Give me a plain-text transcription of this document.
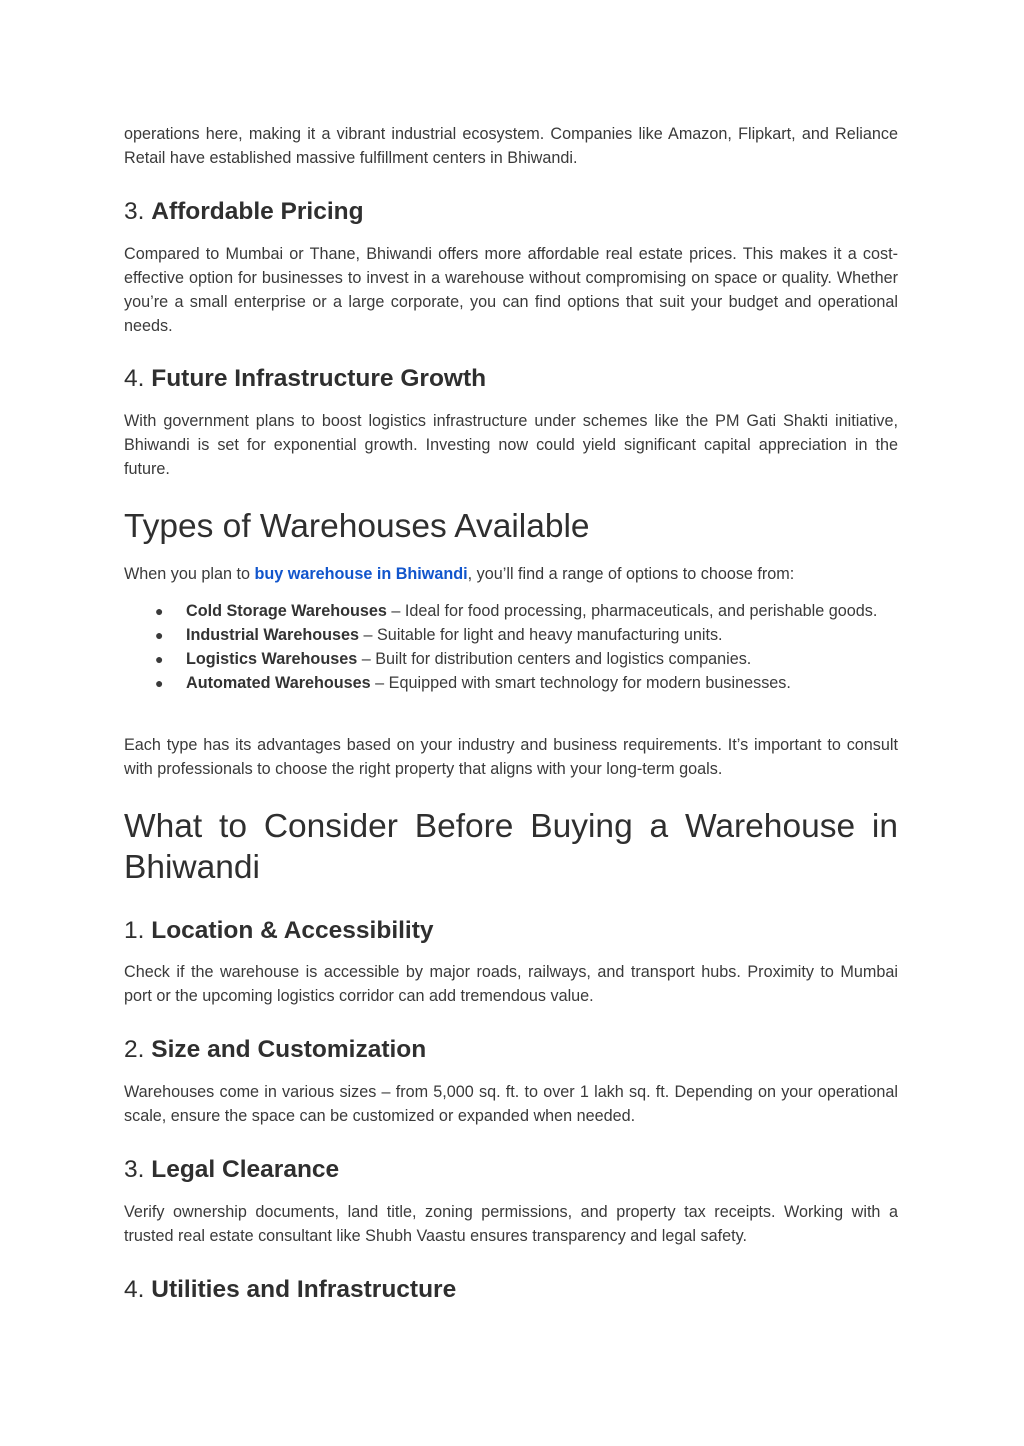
operations here, making it a vibrant industrial ecosystem. Companies like Amazon, Flipkart, and Reliance Retail have established massive fulfillment centers in Bhiwandi.

3. Affordable Pricing

Compared to Mumbai or Thane, Bhiwandi offers more affordable real estate prices. This makes it a cost-effective option for businesses to invest in a warehouse without compromising on space or quality. Whether you’re a small enterprise or a large corporate, you can find options that suit your budget and operational needs.

4. Future Infrastructure Growth

With government plans to boost logistics infrastructure under schemes like the PM Gati Shakti initiative, Bhiwandi is set for exponential growth. Investing now could yield significant capital appreciation in the future.

Types of Warehouses Available

When you plan to buy warehouse in Bhiwandi, you’ll find a range of options to choose from:

● Cold Storage Warehouses – Ideal for food processing, pharmaceuticals, and perishable goods.
● Industrial Warehouses – Suitable for light and heavy manufacturing units.
● Logistics Warehouses – Built for distribution centers and logistics companies.
● Automated Warehouses – Equipped with smart technology for modern businesses.

Each type has its advantages based on your industry and business requirements. It’s important to consult with professionals to choose the right property that aligns with your long-term goals.

What to Consider Before Buying a Warehouse in Bhiwandi
1. Location & Accessibility

Check if the warehouse is accessible by major roads, railways, and transport hubs. Proximity to Mumbai port or the upcoming logistics corridor can add tremendous value.

2. Size and Customization

Warehouses come in various sizes – from 5,000 sq. ft. to over 1 lakh sq. ft. Depending on your operational scale, ensure the space can be customized or expanded when needed.

3. Legal Clearance

Verify ownership documents, land title, zoning permissions, and property tax receipts. Working with a trusted real estate consultant like Shubh Vaastu ensures transparency and legal safety.

4. Utilities and Infrastructure
